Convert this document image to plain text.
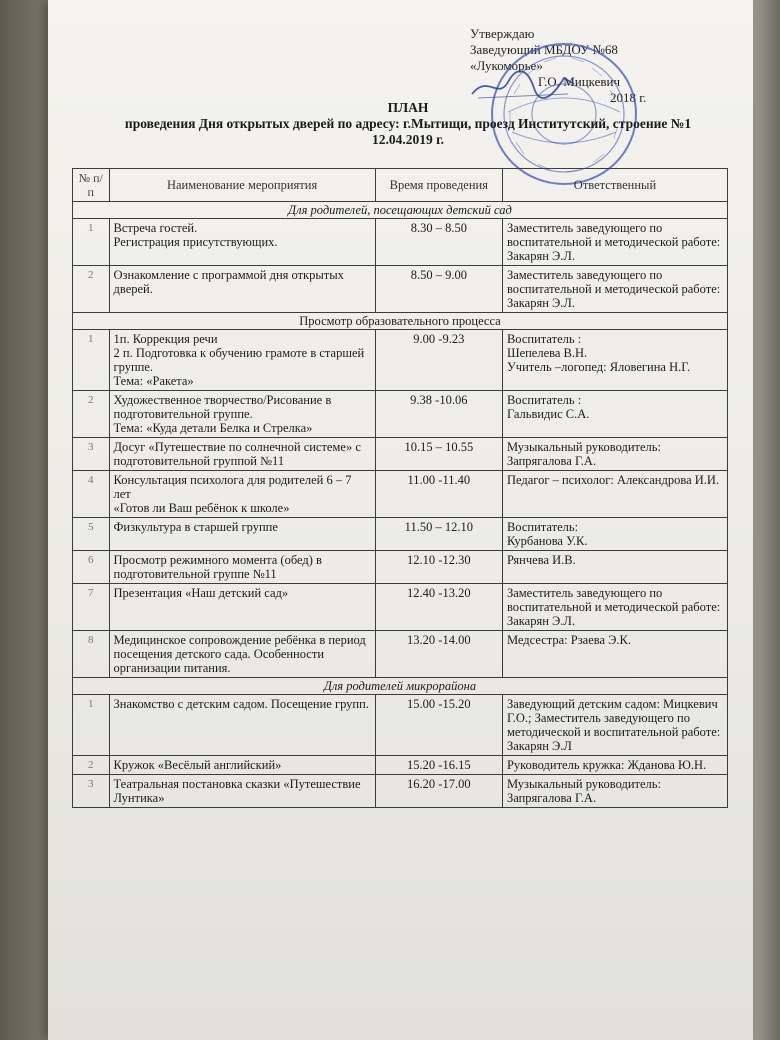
Утверждаю
Заведующий МБДОУ №68
«Лукоморье»
Г.О. Мицкевич
2018 г.
ПЛАН
проведения Дня открытых дверей по адресу: г.Мытищи, проезд Институтский, строение №1
12.04.2019 г.
№ п/п	Наименование мероприятия	Время проведения	Ответственный
Для родителей, посещающих детский сад			
1	Встреча гостей.
Регистрация присутствующих.	8.30 – 8.50	Заместитель заведующего по воспитательной и методической работе: Закарян Э.Л.
2	Ознакомление с программой дня открытых дверей.	8.50 – 9.00	Заместитель заведующего по воспитательной и методической работе: Закарян Э.Л.
Просмотр образовательного процесса			
1	1п. Коррекция речи
2 п. Подготовка к обучению грамоте в старшей группе.
Тема: «Ракета»	9.00 -9.23	Воспитатель :
Шепелева В.Н.
Учитель –логопед: Яловегина Н.Г.
2	Художественное творчество/Рисование в подготовительной группе.
Тема: «Куда детали Белка и Стрелка»	9.38 -10.06	Воспитатель :
Гальвидис С.А.
3	Досуг «Путешествие по солнечной системе» с подготовительной группой №11	10.15 – 10.55	Музыкальный руководитель: Запрягалова Г.А.
4	Консультация психолога для родителей 6 – 7 лет
«Готов ли Ваш ребёнок к школе»	11.00 -11.40	Педагог – психолог: Александрова И.И.
5	Физкультура в старшей группе	11.50 – 12.10	Воспитатель:
Курбанова У.К.
6	Просмотр режимного момента (обед) в подготовительной группе №11	12.10 -12.30	Рянчева И.В.
7	Презентация «Наш детский сад»	12.40 -13.20	Заместитель заведующего по воспитательной и методической работе: Закарян Э.Л.
8	Медицинское сопровождение ребёнка в период посещения детского сада. Особенности организации питания.	13.20 -14.00	Медсестра: Рзаева Э.К.
Для родителей микрорайона			
1	Знакомство с детским садом. Посещение групп.	15.00 -15.20	Заведующий детским садом: Мицкевич Г.О.; Заместитель заведующего по методической и воспитательной работе: Закарян Э.Л
2	Кружок «Весёлый английский»	15.20 -16.15	Руководитель кружка: Жданова Ю.Н.
3	Театральная постановка сказки «Путешествие Лунтика»	16.20 -17.00	Музыкальный руководитель: Запрягалова Г.А.
